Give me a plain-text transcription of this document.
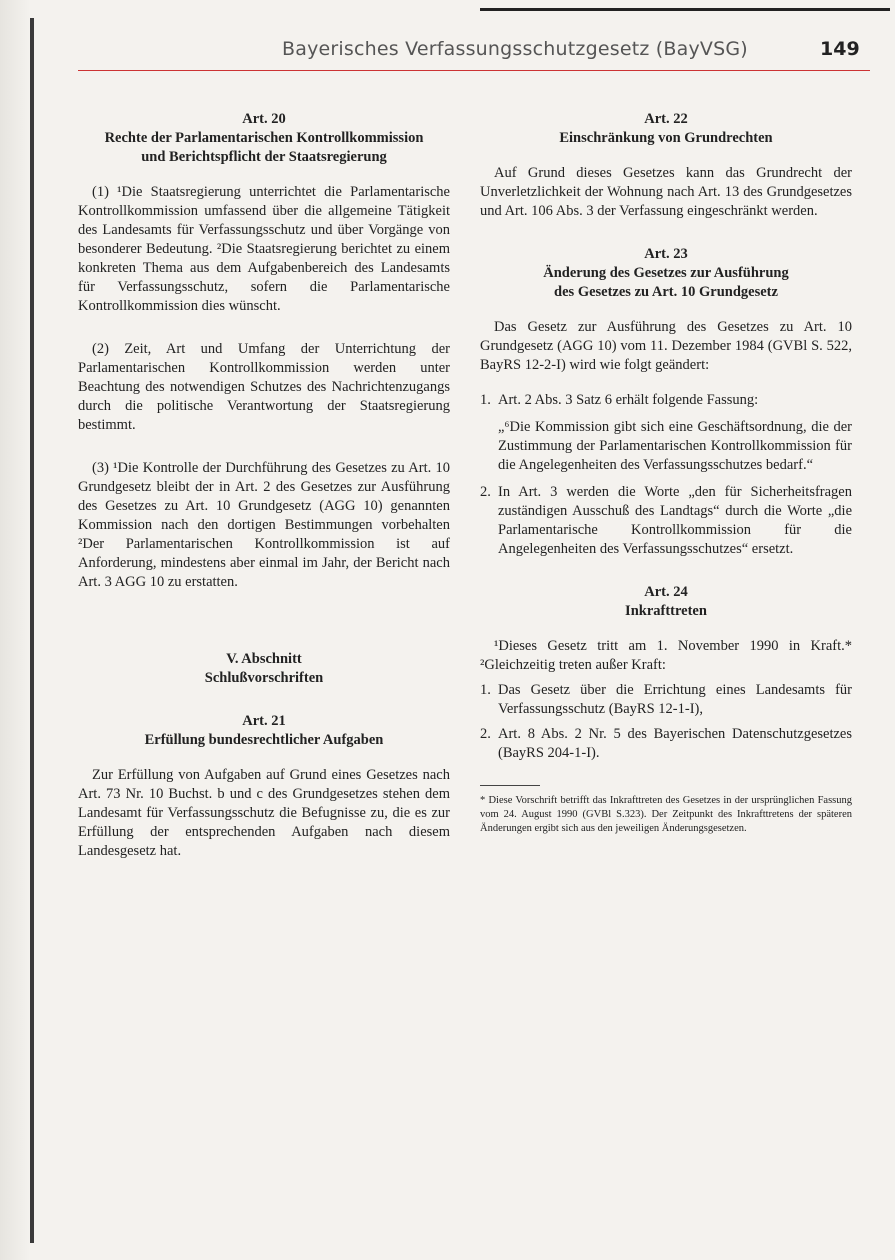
Bayerisches Verfassungsschutzgesetz (BayVSG)	149
Art. 20
Rechte der Parlamentarischen Kontrollkommission
und Berichtspflicht der Staatsregierung

(1) ¹Die Staatsregierung unterrichtet die Parlamentarische Kontrollkommission umfassend über die allgemeine Tätigkeit des Landesamts für Verfassungsschutz und über Vorgänge von besonderer Bedeutung. ²Die Staatsregierung berichtet zu einem konkreten Thema aus dem Aufgabenbereich des Landesamts für Verfassungsschutz, sofern die Parlamentarische Kontrollkommission dies wünscht.

(2) Zeit, Art und Umfang der Unterrichtung der Parlamentarischen Kontrollkommission werden unter Beachtung des notwendigen Schutzes des Nachrichtenzugangs durch die politische Verantwortung der Staatsregierung bestimmt.

(3) ¹Die Kontrolle der Durchführung des Gesetzes zu Art. 10 Grundgesetz bleibt der in Art. 2 des Gesetzes zur Ausführung des Gesetzes zu Art. 10 Grundgesetz (AGG 10) genannten Kommission nach den dortigen Bestimmungen vorbehalten ²Der Parlamentarischen Kontrollkommission ist auf Anforderung, mindestens aber einmal im Jahr, der Bericht nach Art. 3 AGG 10 zu erstatten.

V. Abschnitt
Schlußvorschriften
Art. 21
Erfüllung bundesrechtlicher Aufgaben

Zur Erfüllung von Aufgaben auf Grund eines Gesetzes nach Art. 73 Nr. 10 Buchst. b und c des Grundgesetzes stehen dem Landesamt für Verfassungsschutz die Befugnisse zu, die es zur Erfüllung der entsprechenden Aufgaben nach diesem Landesgesetz hat.

Art. 22
Einschränkung von Grundrechten

Auf Grund dieses Gesetzes kann das Grundrecht der Unverletzlichkeit der Wohnung nach Art. 13 des Grundgesetzes und Art. 106 Abs. 3 der Verfassung eingeschränkt werden.

Art. 23
Änderung des Gesetzes zur Ausführung
des Gesetzes zu Art. 10 Grundgesetz

Das Gesetz zur Ausführung des Gesetzes zu Art. 10 Grundgesetz (AGG 10) vom 11. Dezember 1984 (GVBl S. 522, BayRS 12-2-I) wird wie folgt geändert:

1. Art. 2 Abs. 3 Satz 6 erhält folgende Fassung:

„⁶Die Kommission gibt sich eine Geschäftsordnung, die der Zustimmung der Parlamentarischen Kontrollkommission für die Angelegenheiten des Verfassungsschutzes bedarf.“

2. In Art. 3 werden die Worte „den für Sicherheitsfragen zuständigen Ausschuß des Landtags“ durch die Worte „die Parlamentarische Kontrollkommission für die Angelegenheiten des Verfassungsschutzes“ ersetzt.
Art. 24
Inkrafttreten

¹Dieses Gesetz tritt am 1. November 1990 in Kraft.* ²Gleichzeitig treten außer Kraft:

1. Das Gesetz über die Errichtung eines Landesamts für Verfassungsschutz (BayRS 12-1-I),
2. Art. 8 Abs. 2 Nr. 5 des Bayerischen Datenschutzgesetzes (BayRS 204-1-I).

* Diese Vorschrift betrifft das Inkrafttreten des Gesetzes in der ursprünglichen Fassung vom 24. August 1990 (GVBl S.323). Der Zeitpunkt des Inkrafttretens der späteren Änderungen ergibt sich aus den jeweiligen Änderungsgesetzen.
